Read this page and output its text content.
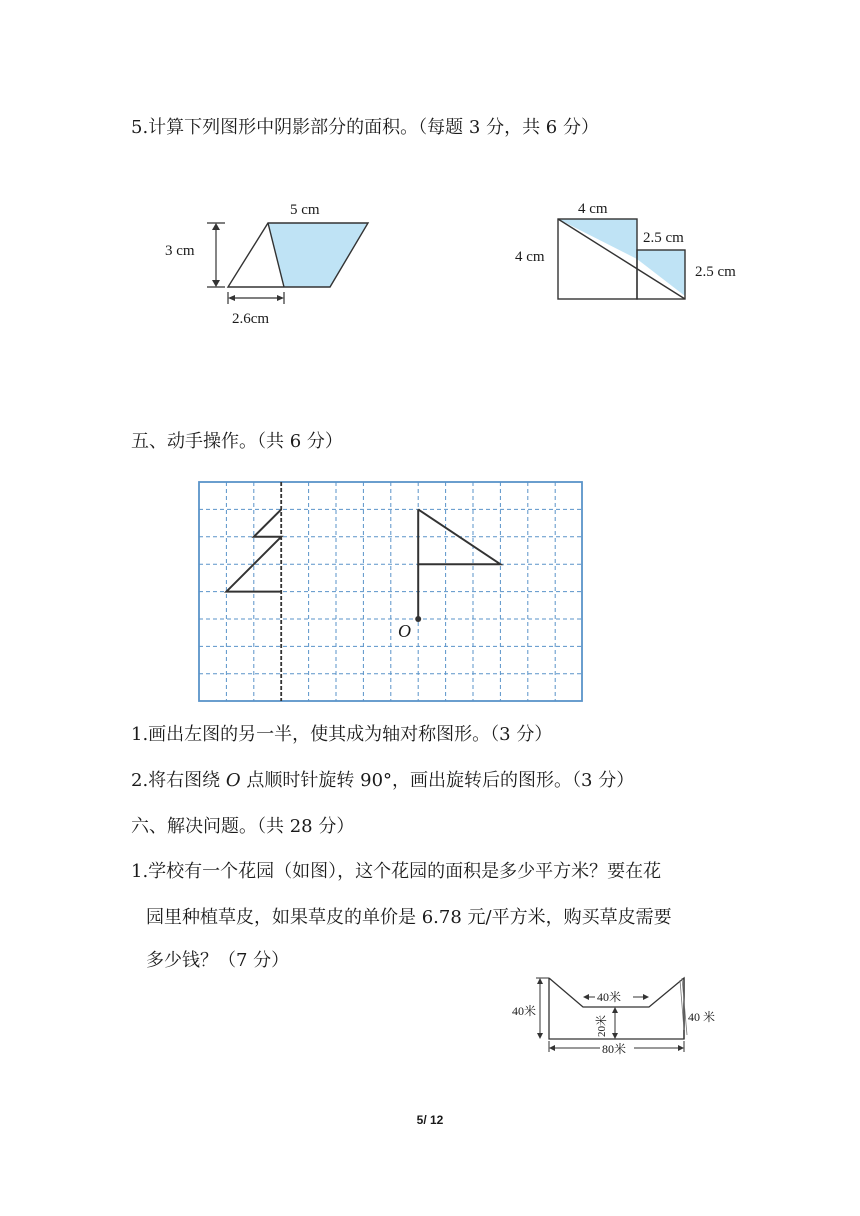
5.计算下列图形中阴影部分的面积。（每题 3 分，共 6 分）
5 cm
3 cm
2.6cm
4 cm
4 cm
2.5 cm
2.5 cm
五、动手操作。（共 6 分）
O
1.画出左图的另一半，使其成为轴对称图形。（3 分）
2.将右图绕 O 点顺时针旋转 90°，画出旋转后的图形。（3 分）
六、解决问题。（共 28 分）
1.学校有一个花园（如图），这个花园的面积是多少平方米？要在花
园里种植草皮，如果草皮的单价是 6.78 元/平方米，购买草皮需要
多少钱？（7 分）
40米
40米
20米
80米
40 米
5/ 12
